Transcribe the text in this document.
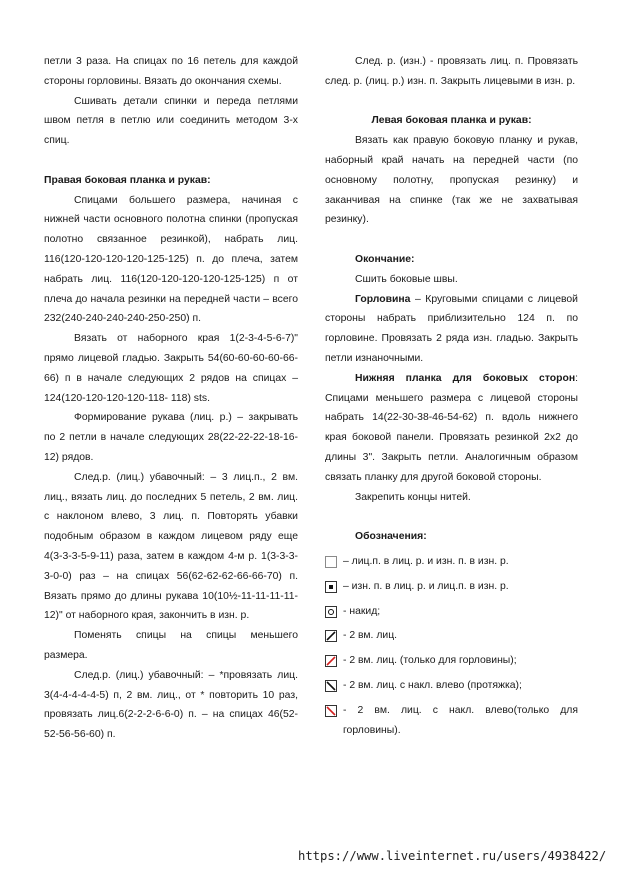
петли 3 раза. На спицах по 16 петель для каждой стороны горловины. Вязать до окончания схемы.

Сшивать детали спинки и переда петлями швом петля в петлю или соединить методом 3-х спиц.

Правая боковая планка и рукав:

Спицами большего размера, начиная с нижней части основного полотна спинки (пропуская полотно связанное резинкой), набрать лиц. 116(120-120-120-120-125-125) п. до плеча, затем набрать лиц. 116(120-120-120-120-125-125) п от плеча до начала резинки на передней части – всего 232(240-240-240-240-250-250) п.

Вязать от наборного края 1(2-3-4-5-6-7)" прямо лицевой гладью. Закрыть 54(60-60-60-60-66-66) п в начале следующих 2 рядов на спицах – 124(120-120-120-120-118- 118) sts.

Формирование рукава (лиц. р.) – закрывать по 2 петли в начале следующих 28(22-22-22-18-16-12) рядов.

След.р. (лиц.) убавочный: – 3 лиц.п., 2 вм. лиц., вязать лиц. до последних 5 петель, 2 вм. лиц. с наклоном влево, 3 лиц. п. Повторять убавки подобным образом в каждом лицевом ряду еще 4(3-3-3-5-9-11) раза, затем в каждом 4-м р. 1(3-3-3-3-0-0) раз – на спицах 56(62-62-62-66-66-70) п. Вязать прямо до длины рукава 10(10½-11-11-11-11-12)" от наборного края, закончить в изн. р.

Поменять спицы на спицы меньшего размера.

След.р. (лиц.) убавочный: – *провязать лиц. 3(4-4-4-4-4-5) п, 2 вм. лиц., от * повторить 10 раз, провязать лиц.6(2-2-2-6-6-0) п. – на спицах 46(52-52-56-56-60) п.

След. р. (изн.) - провязать лиц. п. Провязать след. р. (лиц. р.) изн. п. Закрыть лицевыми в изн. р.

Левая боковая планка и рукав:

Вязать как правую боковую планку и рукав, наборный край начать на передней части (по основному полотну, пропуская резинку) и заканчивая на спинке (так же не захватывая резинку).

Окончание:

Сшить боковые швы.

Горловина – Круговыми спицами с лицевой стороны набрать приблизительно 124 п. по горловине. Провязать 2 ряда изн. гладью. Закрыть петли изнаночными.

Нижняя планка для боковых сторон: Спицами меньшего размера с лицевой стороны набрать 14(22-30-38-46-54-62) п. вдоль нижнего края боковой панели. Провязать резинкой 2х2 до длины 3". Закрыть петли. Аналогичным образом связать планку для другой боковой стороны.

Закрепить концы нитей.

Обозначения:

– лиц.п. в лиц. р. и изн. п. в изн. р.
– изн. п. в лиц. р. и лиц.п. в изн. р.
- накид;
- 2 вм. лиц.
- 2 вм. лиц. (только для горловины);
- 2 вм. лиц. с накл. влево (протяжка);
- 2 вм. лиц. с накл. влево(только для горловины).
https://www.liveinternet.ru/users/4938422/
